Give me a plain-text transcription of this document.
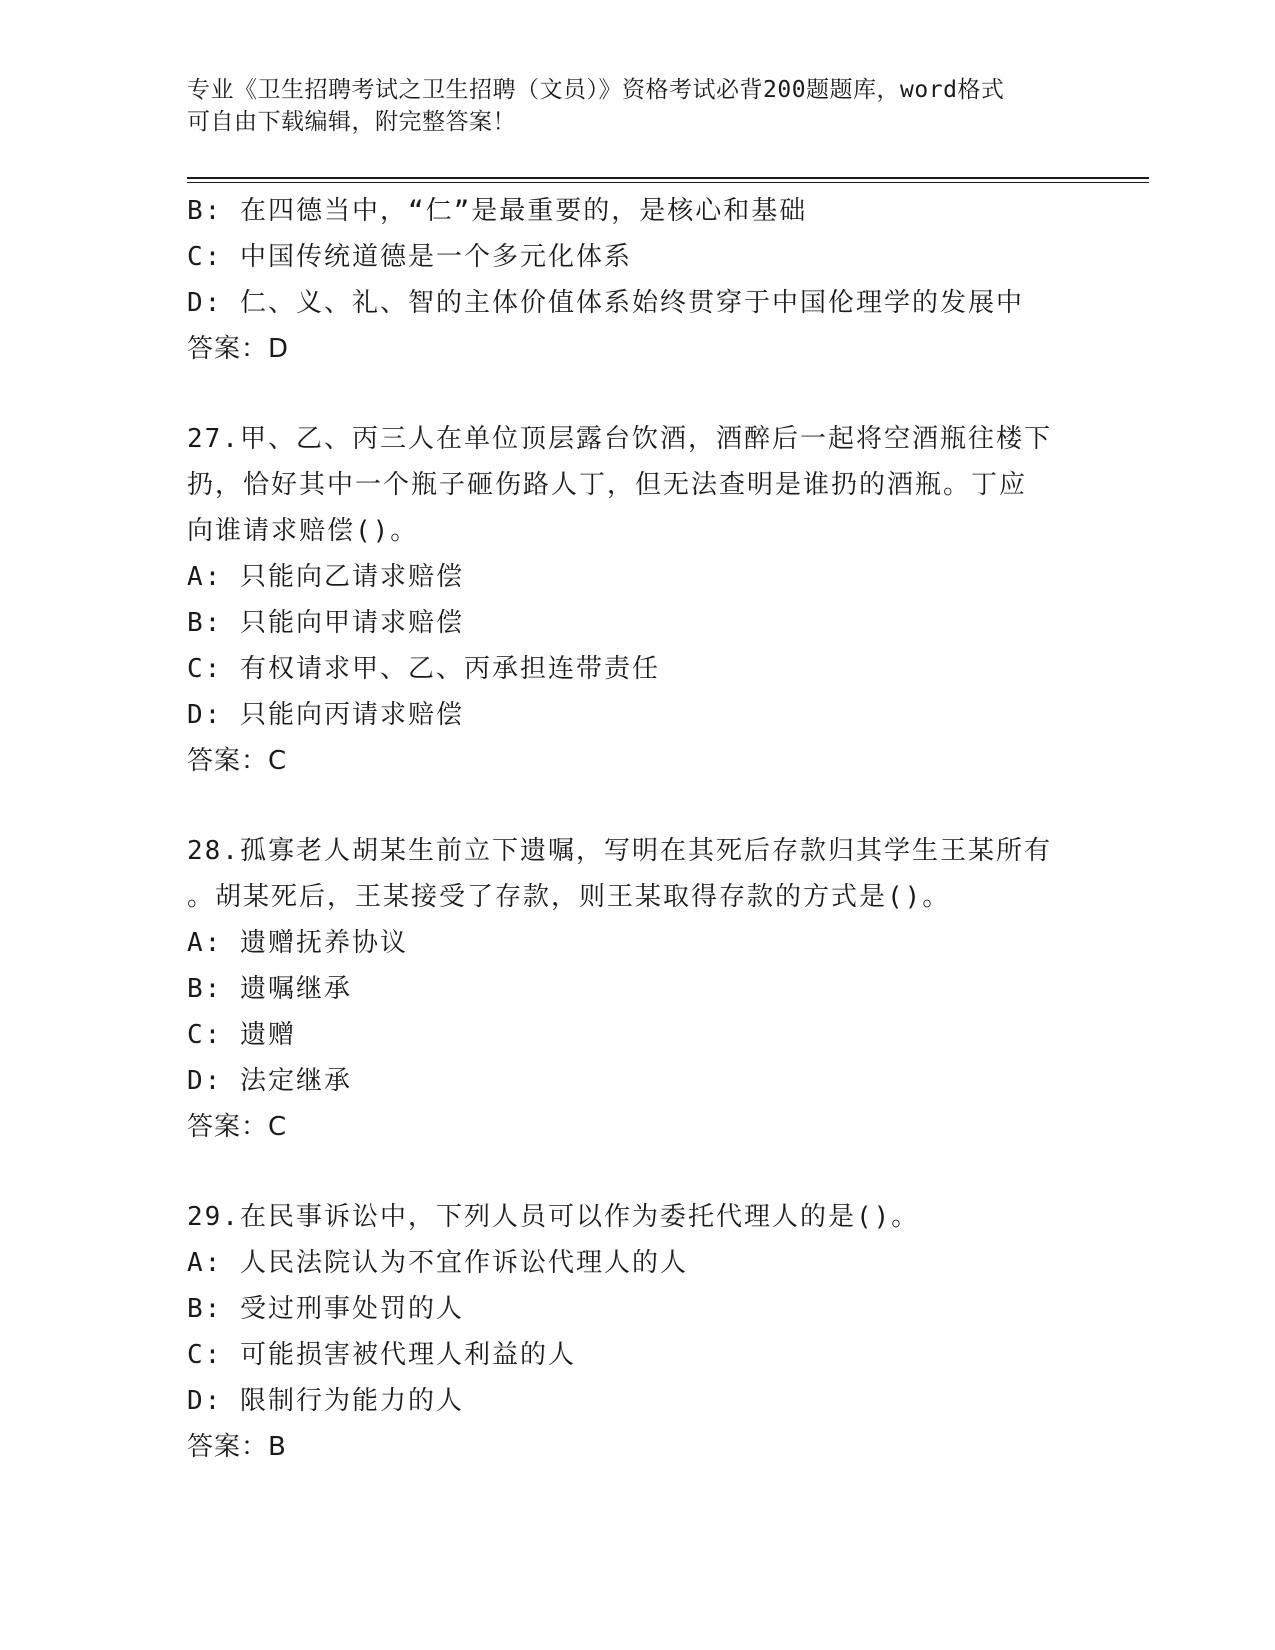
专业《卫生招聘考试之卫生招聘（文员）》资格考试必背200题题库，word格式
可自由下载编辑，附完整答案！
B: 在四德当中，“仁”是最重要的，是核心和基础
C: 中国传统道德是一个多元化体系
D: 仁、义、礼、智的主体价值体系始终贯穿于中国伦理学的发展中
答案：D
27.甲、乙、丙三人在单位顶层露台饮酒，酒醉后一起将空酒瓶往楼下
扔，恰好其中一个瓶子砸伤路人丁，但无法查明是谁扔的酒瓶。丁应
向谁请求赔偿()。
A: 只能向乙请求赔偿
B: 只能向甲请求赔偿
C: 有权请求甲、乙、丙承担连带责任
D: 只能向丙请求赔偿
答案：C
28.孤寡老人胡某生前立下遗嘱，写明在其死后存款归其学生王某所有
。胡某死后，王某接受了存款，则王某取得存款的方式是()。
A: 遗赠抚养协议
B: 遗嘱继承
C: 遗赠
D: 法定继承
答案：C
29.在民事诉讼中，下列人员可以作为委托代理人的是()。
A: 人民法院认为不宜作诉讼代理人的人
B: 受过刑事处罚的人
C: 可能损害被代理人利益的人
D: 限制行为能力的人
答案：B
